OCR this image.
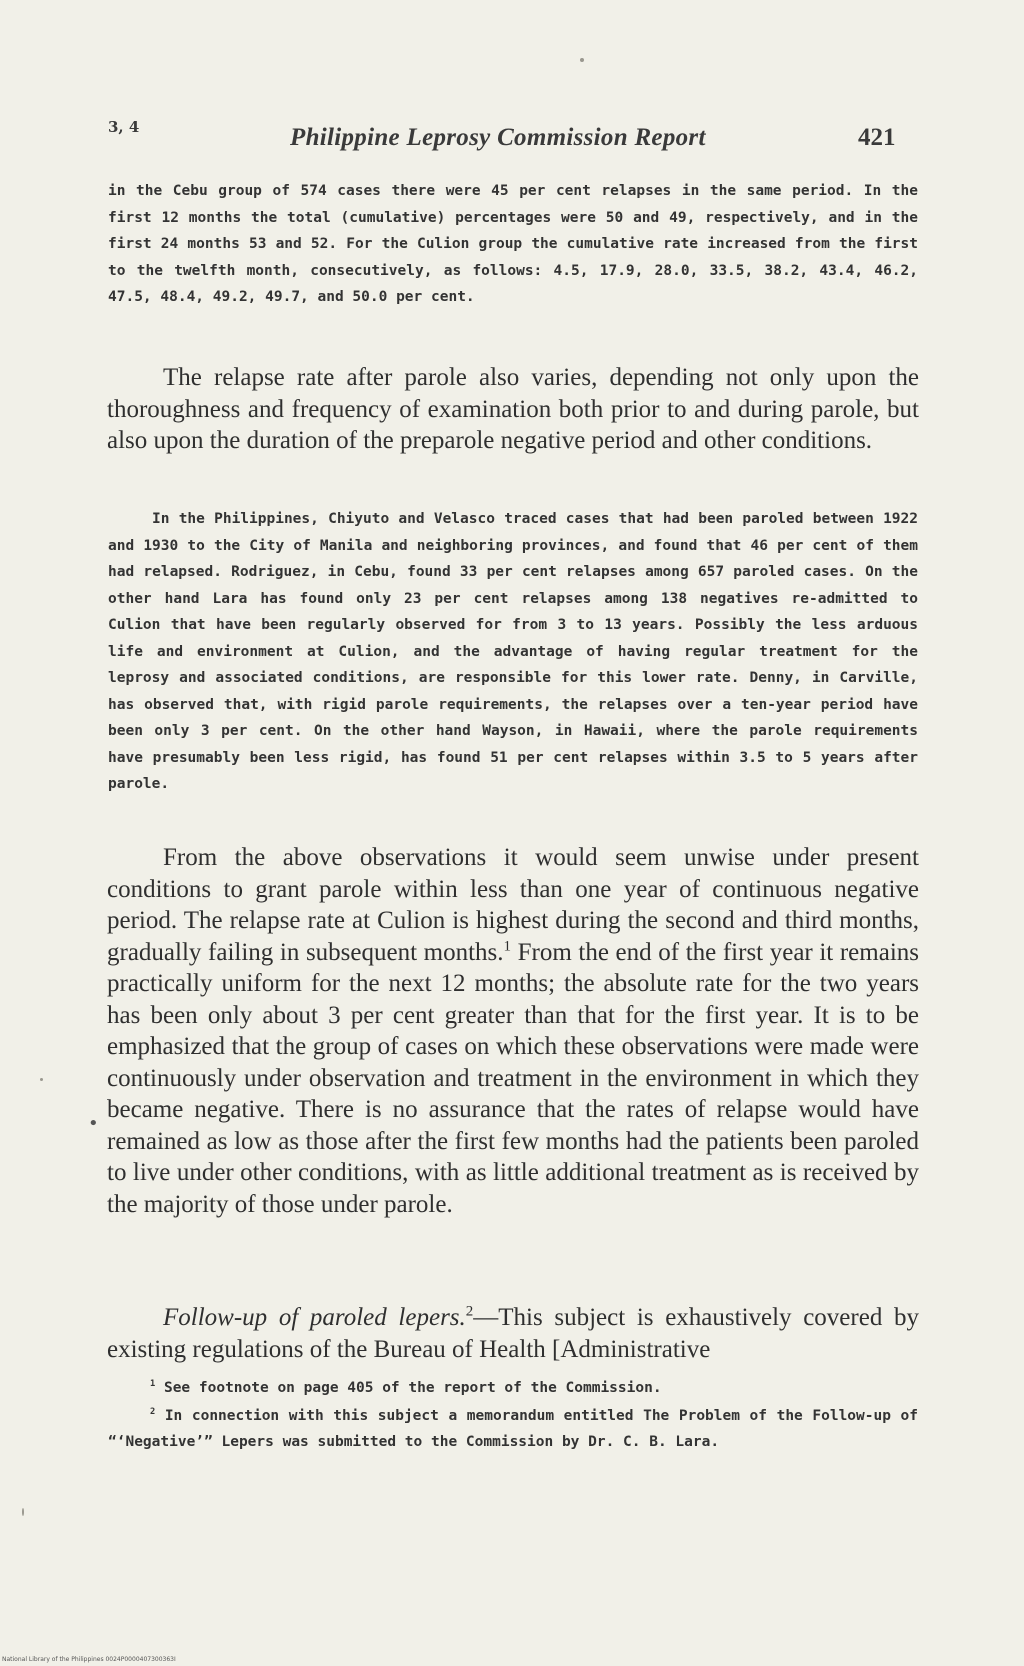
3, 4	Philippine Leprosy Commission Report	421

in the Cebu group of 574 cases there were 45 per cent relapses in the same period. In the first 12 months the total (cumulative) percentages were 50 and 49, respectively, and in the first 24 months 53 and 52. For the Culion group the cumulative rate increased from the first to the twelfth month, consecutively, as follows: 4.5, 17.9, 28.0, 33.5, 38.2, 43.4, 46.2, 47.5, 48.4, 49.2, 49.7, and 50.0 per cent.

The relapse rate after parole also varies, depending not only upon the thoroughness and frequency of examination both prior to and during parole, but also upon the duration of the preparole negative period and other conditions.

In the Philippines, Chiyuto and Velasco traced cases that had been paroled between 1922 and 1930 to the City of Manila and neighboring provinces, and found that 46 per cent of them had relapsed. Rodriguez, in Cebu, found 33 per cent relapses among 657 paroled cases. On the other hand Lara has found only 23 per cent relapses among 138 negatives re-admitted to Culion that have been regularly observed for from 3 to 13 years. Possibly the less arduous life and environment at Culion, and the advantage of having regular treatment for the leprosy and associated conditions, are responsible for this lower rate. Denny, in Carville, has observed that, with rigid parole requirements, the relapses over a ten-year period have been only 3 per cent. On the other hand Wayson, in Hawaii, where the parole requirements have presumably been less rigid, has found 51 per cent relapses within 3.5 to 5 years after parole.

From the above observations it would seem unwise under present conditions to grant parole within less than one year of continuous negative period. The relapse rate at Culion is highest during the second and third months, gradually failing in subsequent months.$^1$ From the end of the first year it remains practically uniform for the next 12 months; the absolute rate for the two years has been only about 3 per cent greater than that for the first year. It is to be emphasized that the group of cases on which these observations were made were continuously under observation and treatment in the environment in which they became negative. There is no assurance that the rates of relapse would have remained as low as those after the first few months had the patients been paroled to live under other conditions, with as little additional treatment as is received by the majority of those under parole.

•

Follow-up of paroled lepers.$^2$—This subject is exhaustively covered by existing regulations of the Bureau of Health [Administrative

$^1$ See footnote on page 405 of the report of the Commission.

$^2$ In connection with this subject a memorandum entitled The Problem of the Follow-up of “‘Negative’” Lepers was submitted to the Commission by Dr. C. B. Lara.

National Library of the Philippines 0024P0000407300363I
